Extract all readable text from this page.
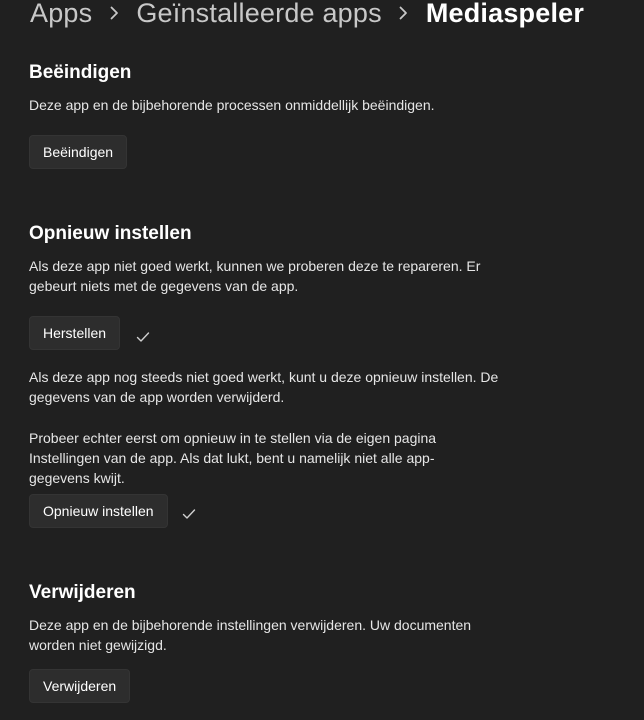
Apps Geïnstalleerde apps Mediaspeler
Beëindigen

Deze app en de bijbehorende processen onmiddellijk beëindigen.

Beëindigen
Opnieuw instellen

Als deze app niet goed werkt, kunnen we proberen deze te repareren. Er gebeurt niets met de gegevens van de app.

Herstellen

Als deze app nog steeds niet goed werkt, kunt u deze opnieuw instellen. De gegevens van de app worden verwijderd.

Probeer echter eerst om opnieuw in te stellen via de eigen pagina Instellingen van de app. Als dat lukt, bent u namelijk niet alle app-gegevens kwijt.

Opnieuw instellen
Verwijderen

Deze app en de bijbehorende instellingen verwijderen. Uw documenten worden niet gewijzigd.

Verwijderen
